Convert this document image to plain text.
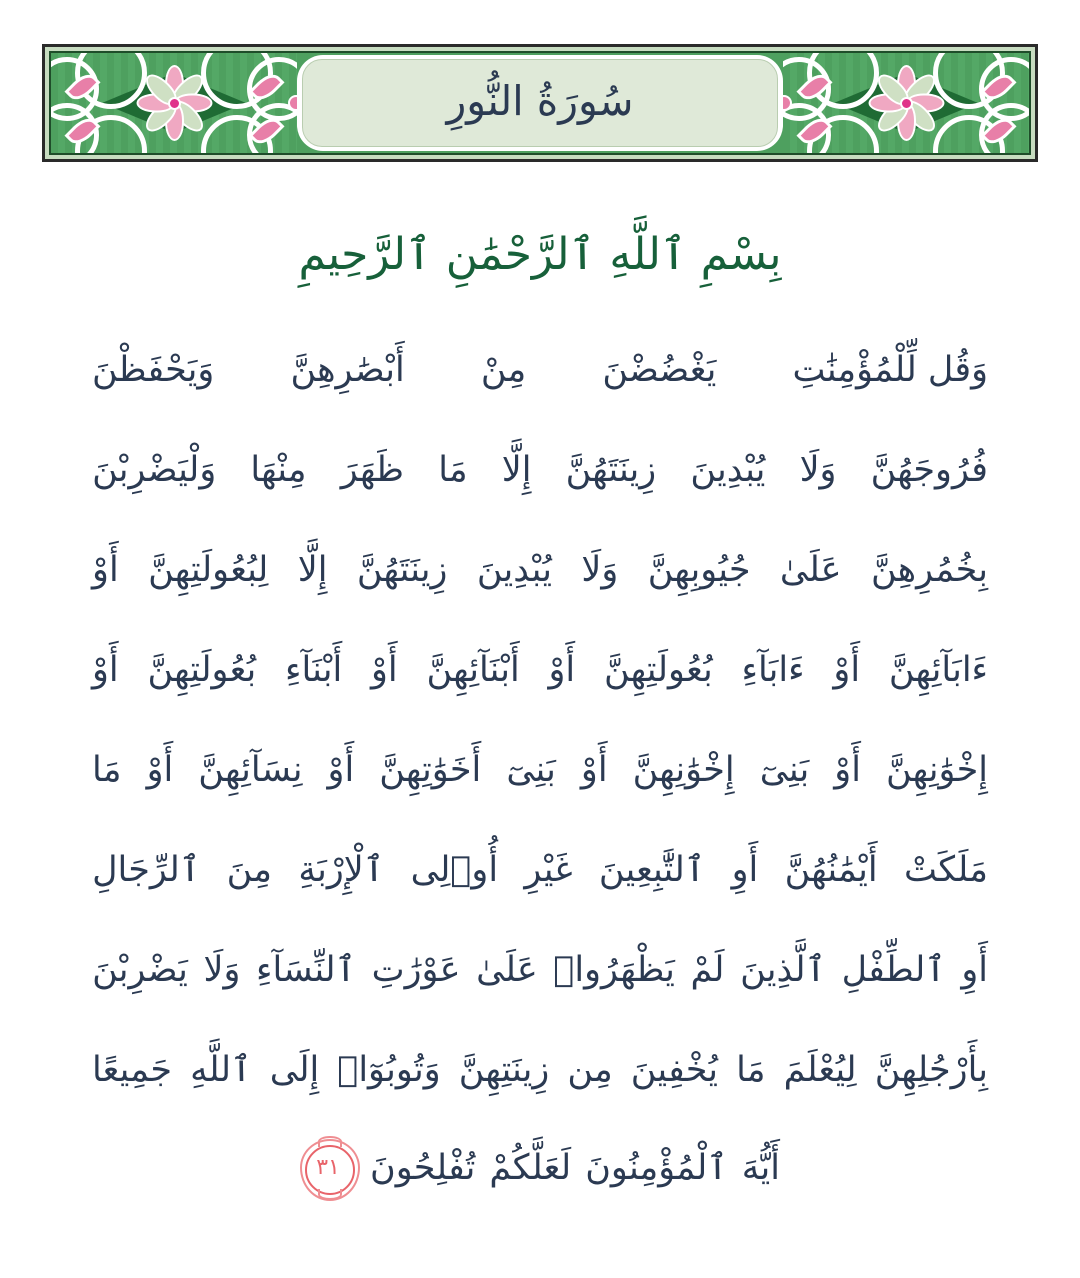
سُورَةُ النُّورِ
بِسْمِ ٱللَّهِ ٱلرَّحْمَٰنِ ٱلرَّحِيمِ
وَقُل لِّلْمُؤْمِنَٰتِ
يَغْضُضْنَ
مِنْ
أَبْصَٰرِهِنَّ
وَيَحْفَظْنَ
فُرُوجَهُنَّ
وَلَا
يُبْدِينَ
زِينَتَهُنَّ
إِلَّا
مَا
ظَهَرَ
مِنْهَا
وَلْيَضْرِبْنَ
بِخُمُرِهِنَّ
عَلَىٰ
جُيُوبِهِنَّ
وَلَا
يُبْدِينَ
زِينَتَهُنَّ
إِلَّا
لِبُعُولَتِهِنَّ
أَوْ
ءَابَآئِهِنَّ
أَوْ
ءَابَآءِ
بُعُولَتِهِنَّ
أَوْ
أَبْنَآئِهِنَّ
أَوْ
أَبْنَآءِ
بُعُولَتِهِنَّ
أَوْ
إِخْوَٰنِهِنَّ
أَوْ
بَنِىٓ
إِخْوَٰنِهِنَّ
أَوْ
بَنِىٓ
أَخَوَٰتِهِنَّ
أَوْ
نِسَآئِهِنَّ
أَوْ
مَا
مَلَكَتْ
أَيْمَٰنُهُنَّ
أَوِ
ٱلتَّٰبِعِينَ
غَيْرِ
أُو۟لِى
ٱلْإِرْبَةِ
مِنَ
ٱلرِّجَالِ
أَوِ
ٱلطِّفْلِ
ٱلَّذِينَ
لَمْ
يَظْهَرُوا۟
عَلَىٰ
عَوْرَٰتِ
ٱلنِّسَآءِ
وَلَا
يَضْرِبْنَ
بِأَرْجُلِهِنَّ
لِيُعْلَمَ
مَا
يُخْفِينَ
مِن
زِينَتِهِنَّ
وَتُوبُوٓا۟
إِلَى
ٱللَّهِ
جَمِيعًا
أَيُّهَ
ٱلْمُؤْمِنُونَ
لَعَلَّكُمْ
تُفْلِحُونَ
٣١
